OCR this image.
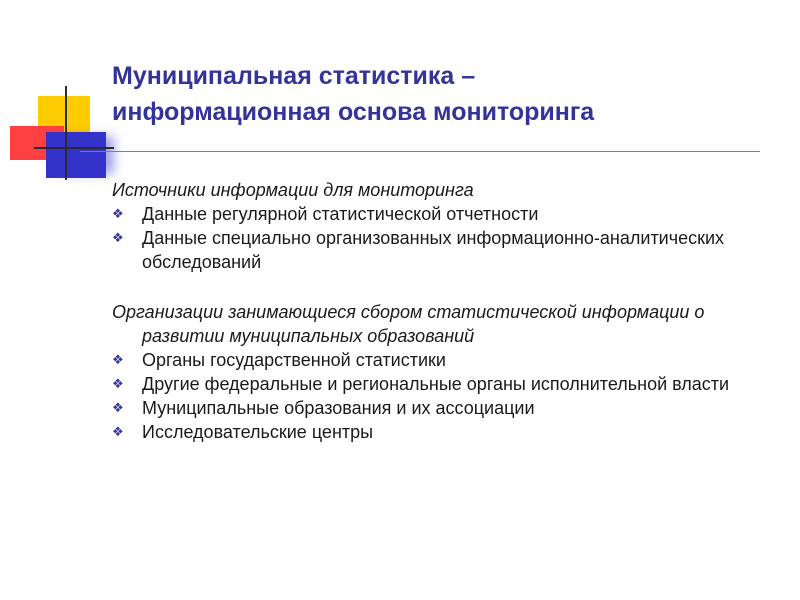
Муниципальная статистика –
информационная основа мониторинга

Источники информации для мониторинга

❖ Данные регулярной статистической отчетности
❖ Данные специально организованных информационно-аналитических обследований

Организации занимающиеся сбором статистической информации о развитии муниципальных образований

❖ Органы государственной статистики
❖ Другие федеральные и региональные органы исполнительной власти
❖ Муниципальные образования и их ассоциации
❖ Исследовательские центры
